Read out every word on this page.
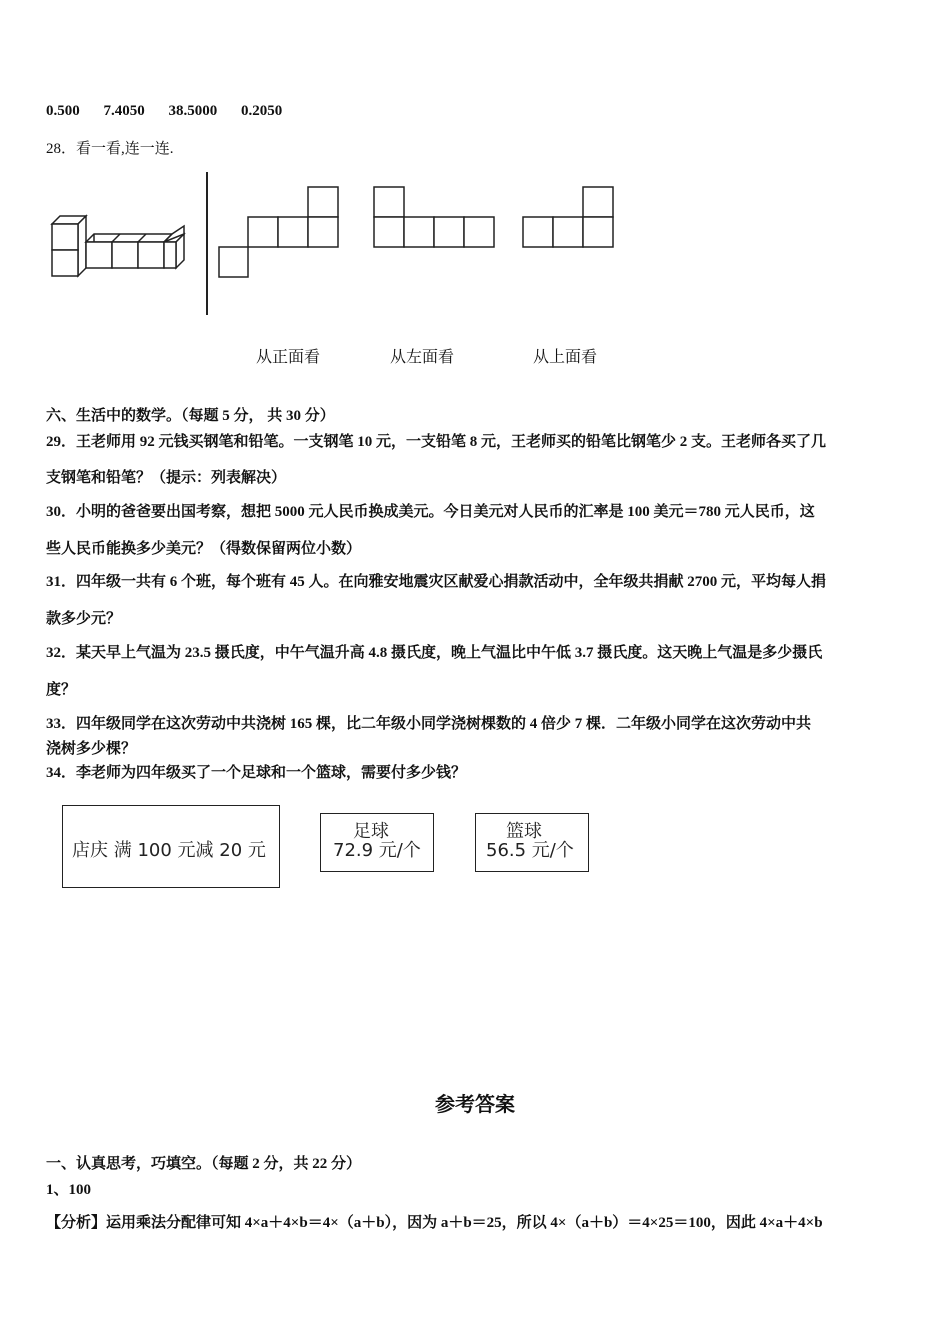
0.500 7.4050 38.5000 0.2050
28．看一看,连一连.
从正面看	从左面看	从上面看
六、生活中的数学。（每题 5 分， 共 30 分）
29．王老师用 92 元钱买钢笔和铅笔。一支钢笔 10 元，一支铅笔 8 元，王老师买的铅笔比钢笔少 2 支。王老师各买了几
支钢笔和铅笔？（提示：列表解决）
30．小明的爸爸要出国考察，想把 5000 元人民币换成美元。今日美元对人民币的汇率是 100 美元＝780 元人民币，这
些人民币能换多少美元？（得数保留两位小数）
31．四年级一共有 6 个班，每个班有 45 人。在向雅安地震灾区献爱心捐款活动中，全年级共捐献 2700 元，平均每人捐
款多少元？
32．某天早上气温为 23.5 摄氏度，中午气温升高 4.8 摄氏度，晚上气温比中午低 3.7 摄氏度。这天晚上气温是多少摄氏
度？
33．四年级同学在这次劳动中共浇树 165 棵，比二年级小同学浇树棵数的 4 倍少 7 棵．二年级小同学在这次劳动中共
浇树多少棵？
34．李老师为四年级买了一个足球和一个篮球，需要付多少钱？
店庆 满 100 元减 20 元
足球
72.9 元/个
篮球
56.5 元/个
参考答案
一、认真思考，巧填空。（每题 2 分，共 22 分）
1、100
【分析】运用乘法分配律可知 4×a＋4×b＝4×（a＋b），因为 a＋b＝25，所以 4×（a＋b）＝4×25＝100，因此 4×a＋4×b
